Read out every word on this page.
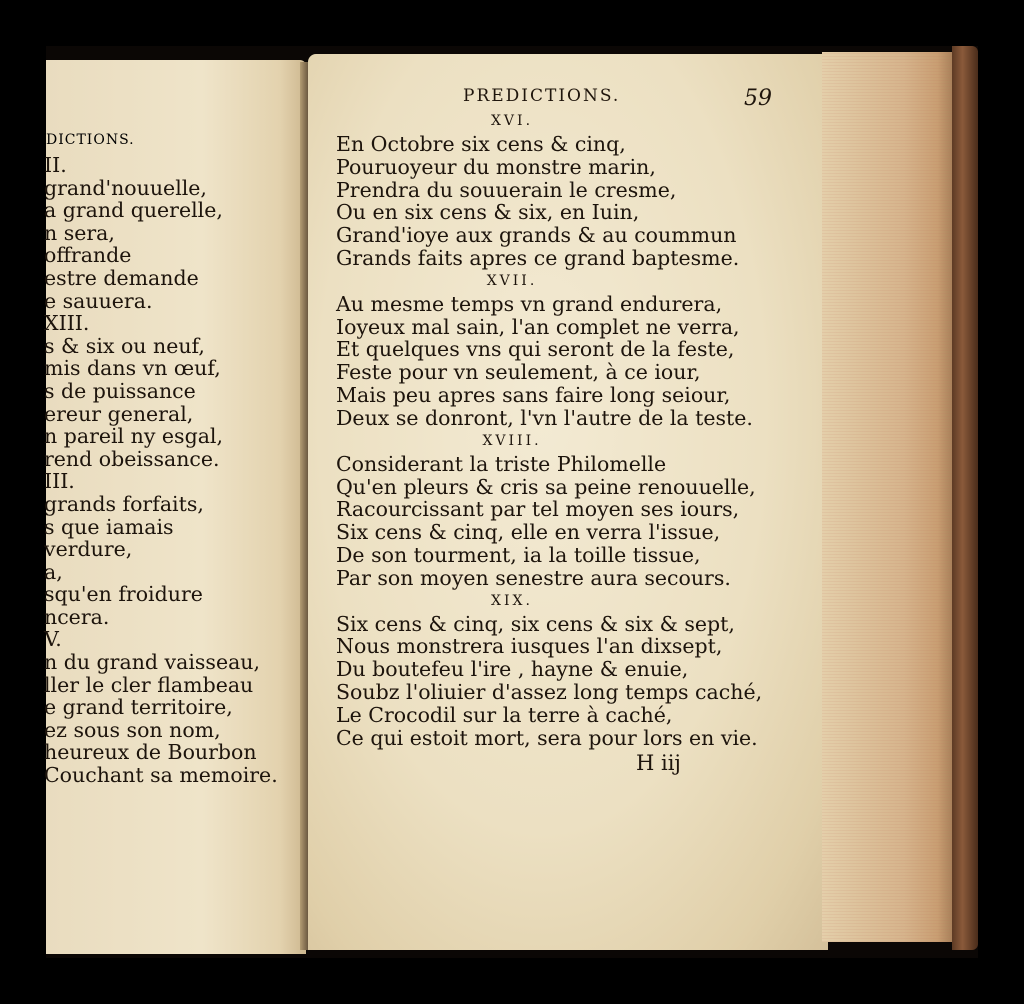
DICTIONS.
II.
grand'nouuelle,
a grand querelle,
n sera,
offrande
estre demande
e sauuera.
XIII.
s & six ou neuf,
mis dans vn œuf,
s de puissance
ereur general,
n pareil ny esgal,
rend obeissance.
III.
grands forfaits,
s que iamais
verdure,
a,
squ'en froidure
ncera.
V.
n du grand vaisseau,
ller le cler flambeau
e grand territoire,
ez sous son nom,
heureux de Bourbon
Couchant sa memoire.
PREDICTIONS.	59
XVI.
En Octobre six cens & cinq,
Pouruoyeur du monstre marin,
Prendra du souuerain le cresme,
Ou en six cens & six, en Iuin,
Grand'ioye aux grands & au coummun
Grands faits apres ce grand baptesme.
XVII.
Au mesme temps vn grand endurera,
Ioyeux mal sain, l'an complet ne verra,
Et quelques vns qui seront de la feste,
Feste pour vn seulement, à ce iour,
Mais peu apres sans faire long seiour,
Deux se donront, l'vn l'autre de la teste.
XVIII.
Considerant la triste Philomelle
Qu'en pleurs & cris sa peine renouuelle,
Racourcissant par tel moyen ses iours,
Six cens & cinq, elle en verra l'issue,
De son tourment, ia la toille tissue,
Par son moyen senestre aura secours.
XIX.
Six cens & cinq, six cens & six & sept,
Nous monstrera iusques l'an dixsept,
Du boutefeu l'ire , hayne & enuie,
Soubz l'oliuier d'assez long temps caché,
Le Crocodil sur la terre à caché,
Ce qui estoit mort, sera pour lors en vie.
H iij
